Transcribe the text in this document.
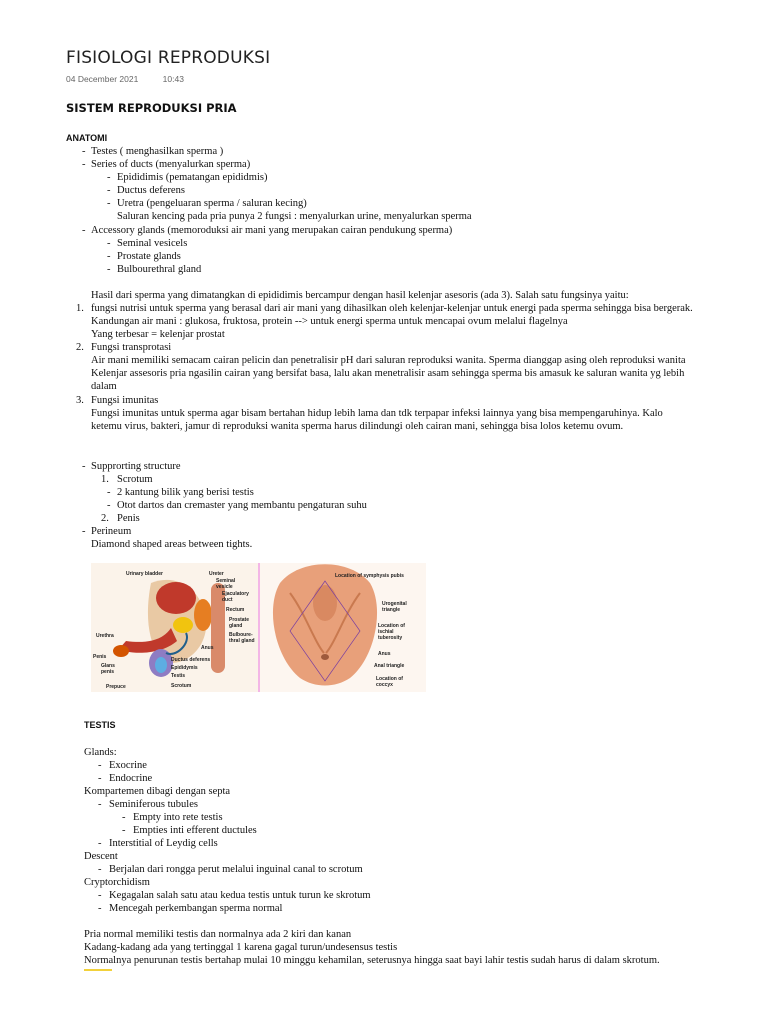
FISIOLOGI REPRODUKSI
04 December 2021	10:43
SISTEM REPRODUKSI PRIA
ANATOMI
- Testes ( menghasilkan sperma )
- Series of ducts (menyalurkan sperma)
- Epididimis (pematangan epididmis)
- Ductus deferens
- Uretra (pengeluaran sperma / saluran kecing)
Saluran kencing pada pria punya 2 fungsi : menyalurkan urine, menyalurkan sperma
- Accessory glands (memoroduksi air mani yang merupakan cairan pendukung sperma)
- Seminal vesicels
- Prostate glands
- Bulbourethral gland
Hasil dari sperma yang dimatangkan di epididimis bercampur dengan hasil kelenjar asesoris (ada 3). Salah satu fungsinya yaitu:
1. fungsi nutrisi untuk sperma yang berasal dari air mani yang dihasilkan oleh kelenjar-kelenjar untuk energi pada sperma sehingga bisa bergerak.
Kandungan air mani : glukosa, fruktosa, protein --> untuk energi sperma untuk mencapai ovum melalui flagelnya
Yang terbesar = kelenjar prostat
2. Fungsi transprotasi
Air mani memiliki semacam cairan pelicin dan penetralisir pH dari saluran reproduksi wanita. Sperma dianggap asing oleh reproduksi wanita
Kelenjar assesoris pria ngasilin cairan yang bersifat basa, lalu akan menetralisir asam sehingga sperma bis amasuk ke saluran wanita yg lebih
dalam
3. Fungsi imunitas
Fungsi imunitas untuk sperma agar bisam bertahan hidup lebih lama dan tdk terpapar infeksi lainnya yang bisa mempengaruhinya. Kalo
ketemu virus, bakteri, jamur di reproduksi wanita sperma harus dilindungi oleh cairan mani, sehingga bisa lolos ketemu ovum.
- Supprorting structure
1. Scrotum
- 2 kantung bilik yang berisi testis
- Otot dartos dan cremaster yang membantu pengaturan suhu
2. Penis
- Perineum
Diamond shaped areas between tights.
Urinary bladder	Ureter
Seminal
vesicle
Ejaculatory
duct
Rectum
Prostate
gland
Bulboure-
thral gland
Urethra
Anus
Penis	Ductus deferens
Glans
penis
Epididymis
Testis
Prepuce	Scrotum
Location of symphysis pubis
Urogenital
triangle
Location of
ischial
tuberosity
Anus
Anal triangle
Location of
coccyx
TESTIS
Glands:
- Exocrine
- Endocrine
Kompartemen dibagi dengan septa
- Seminiferous tubules
- Empty into rete testis
- Empties inti efferent ductules
- Interstitial of Leydig cells
Descent
- Berjalan dari rongga perut melalui inguinal canal to scrotum
Cryptorchidism
- Kegagalan salah satu atau kedua testis untuk turun ke skrotum
- Mencegah perkembangan sperma normal
Pria normal memiliki testis dan normalnya ada 2 kiri dan kanan
Kadang-kadang ada yang tertinggal 1 karena gagal turun/undesensus testis
Normalnya penurunan testis bertahap mulai 10 minggu kehamilan, seterusnya hingga saat bayi lahir testis sudah harus di dalam skrotum.
